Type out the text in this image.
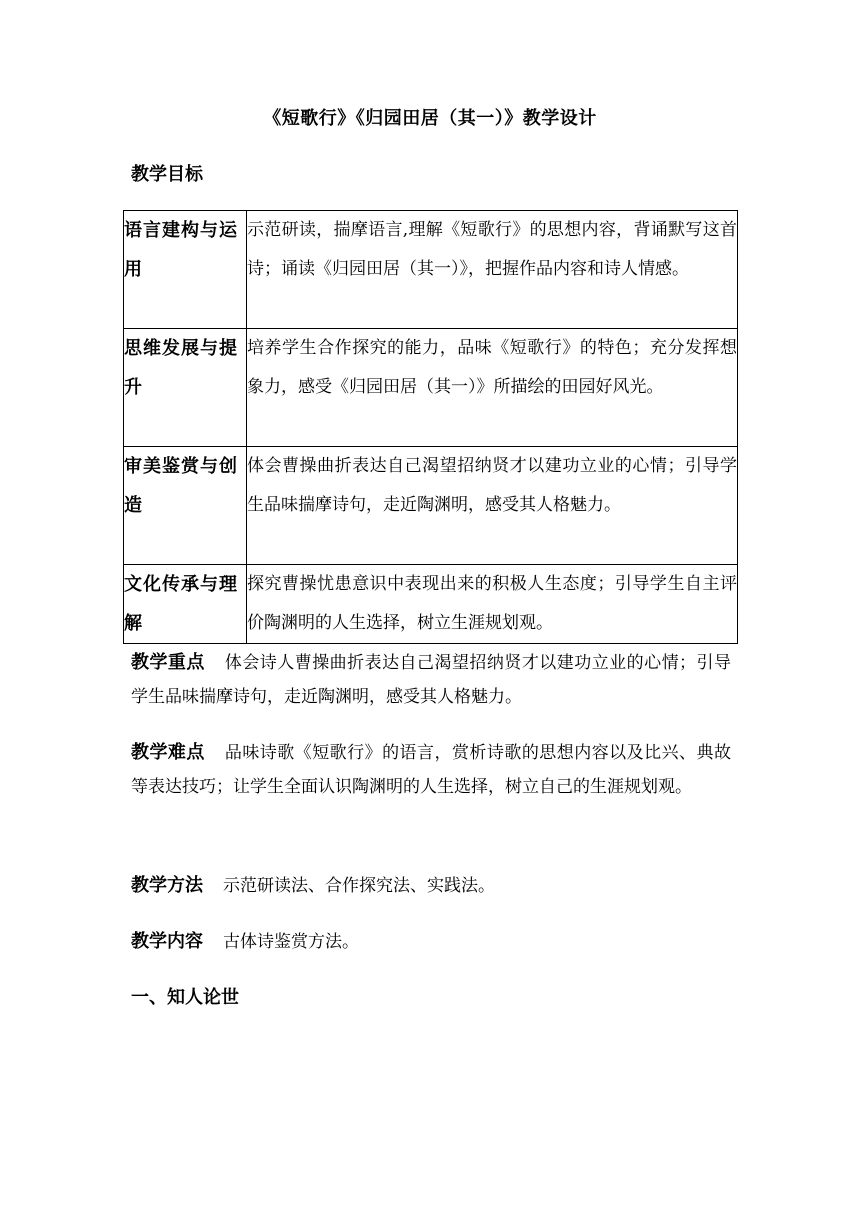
《短歌行》《归园田居（其一）》教学设计
教学目标
语言建构与运用	示范研读，揣摩语言,理解《短歌行》的思想内容，背诵默写这首诗；诵读《归园田居（其一）》，把握作品内容和诗人情感。
思维发展与提升	培养学生合作探究的能力，品味《短歌行》的特色；充分发挥想象力，感受《归园田居（其一）》所描绘的田园好风光。
审美鉴赏与创造	体会曹操曲折表达自己渴望招纳贤才以建功立业的心情；引导学生品味揣摩诗句，走近陶渊明，感受其人格魅力。
文化传承与理解	探究曹操忧患意识中表现出来的积极人生态度；引导学生自主评价陶渊明的人生选择，树立生涯规划观。
教学重点 体会诗人曹操曲折表达自己渴望招纳贤才以建功立业的心情；引导学生品味揣摩诗句，走近陶渊明，感受其人格魅力。
教学难点 品味诗歌《短歌行》的语言，赏析诗歌的思想内容以及比兴、典故等表达技巧；让学生全面认识陶渊明的人生选择，树立自己的生涯规划观。
教学方法 示范研读法、合作探究法、实践法。
教学内容 古体诗鉴赏方法。
一、知人论世
